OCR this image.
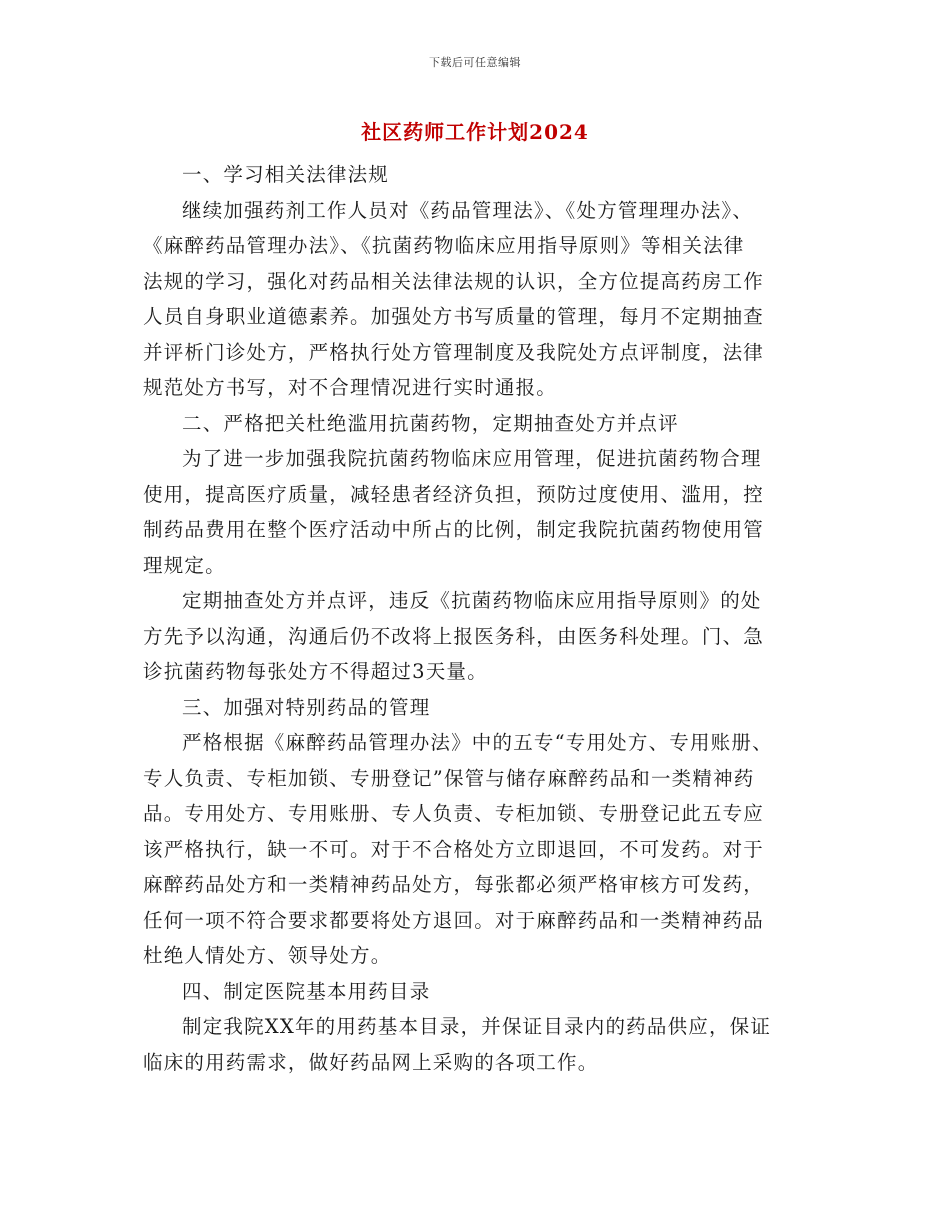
下载后可任意编辑
社区药师工作计划2024

一、学习相关法律法规

继续加强药剂工作人员对《药品管理法》、《处方管理理办法》、
《麻醉药品管理办法》、《抗菌药物临床应用指导原则》等相关法律
法规的学习，强化对药品相关法律法规的认识，全方位提高药房工作
人员自身职业道德素养。加强处方书写质量的管理，每月不定期抽查
并评析门诊处方，严格执行处方管理制度及我院处方点评制度，法律
规范处方书写，对不合理情况进行实时通报。

二、严格把关杜绝滥用抗菌药物，定期抽查处方并点评

为了进一步加强我院抗菌药物临床应用管理，促进抗菌药物合理
使用，提高医疗质量，减轻患者经济负担，预防过度使用、滥用，控
制药品费用在整个医疗活动中所占的比例，制定我院抗菌药物使用管
理规定。

定期抽查处方并点评，违反《抗菌药物临床应用指导原则》的处
方先予以沟通，沟通后仍不改将上报医务科，由医务科处理。门、急
诊抗菌药物每张处方不得超过3天量。

三、加强对特别药品的管理

严格根据《麻醉药品管理办法》中的五专“专用处方、专用账册、
专人负责、专柜加锁、专册登记”保管与储存麻醉药品和一类精神药
品。专用处方、专用账册、专人负责、专柜加锁、专册登记此五专应
该严格执行，缺一不可。对于不合格处方立即退回，不可发药。对于
麻醉药品处方和一类精神药品处方，每张都必须严格审核方可发药，
任何一项不符合要求都要将处方退回。对于麻醉药品和一类精神药品
杜绝人情处方、领导处方。

四、制定医院基本用药目录

制定我院XX年的用药基本目录，并保证目录内的药品供应，保证
临床的用药需求，做好药品网上采购的各项工作。
